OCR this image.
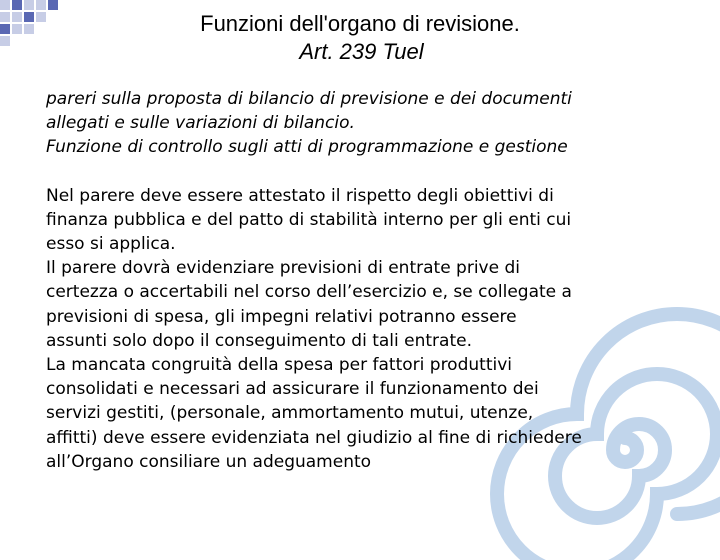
Funzioni dell'organo di revisione.
Art. 239 Tuel

pareri sulla proposta di bilancio di previsione e dei documenti

allegati e sulle variazioni di bilancio.

Funzione di controllo sugli atti di programmazione e gestione

Nel parere deve essere attestato il rispetto degli obiettivi di

finanza pubblica e del patto di stabilità interno per gli enti cui

esso si applica.

Il parere dovrà evidenziare previsioni di entrate prive di

certezza o accertabili nel corso dell’esercizio e, se collegate a

previsioni di spesa, gli impegni relativi potranno essere

assunti solo dopo il conseguimento di tali entrate.

La mancata congruità della spesa per fattori produttivi

consolidati e necessari ad assicurare il funzionamento dei

servizi gestiti, (personale, ammortamento mutui, utenze,

affitti) deve essere evidenziata nel giudizio al fine di richiedere

all’Organo consiliare un adeguamento
